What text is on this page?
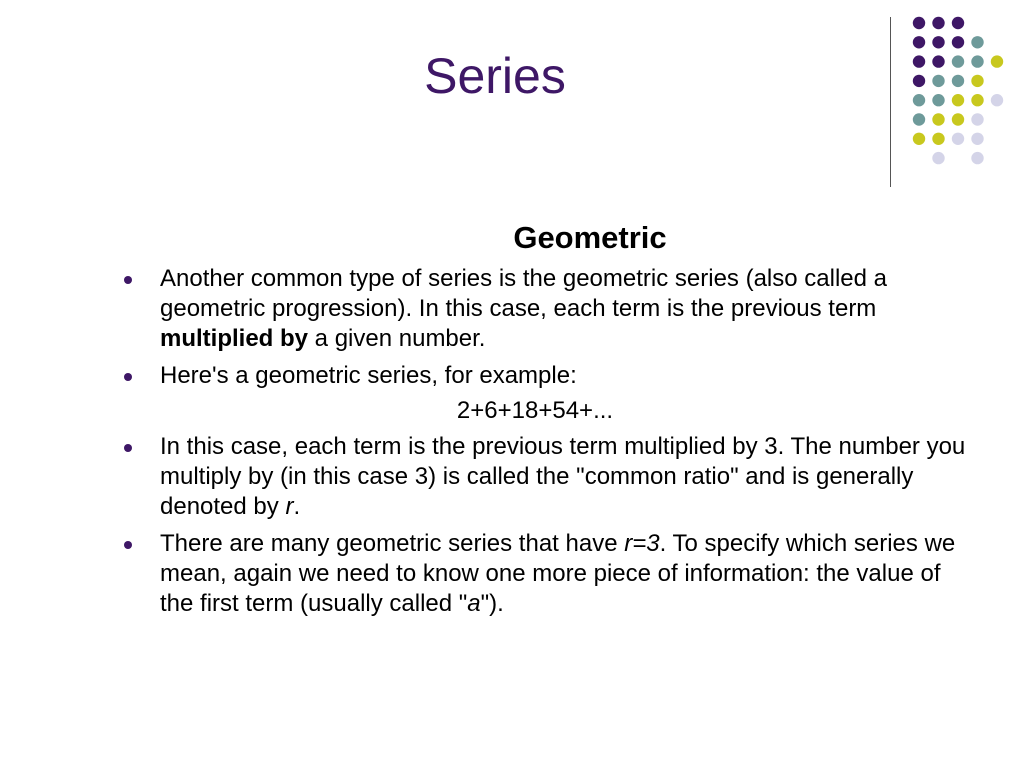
Series
Geometric
Another common type of series is the geometric series (also called a geometric progression). In this case, each term is the previous term multiplied by a given number.
Here's a geometric series, for example:
2+6+18+54+...
In this case, each term is the previous term multiplied by 3. The number you multiply by (in this case 3) is called the "common ratio" and is generally denoted by r.
There are many geometric series that have r=3. To specify which series we mean, again we need to know one more piece of information: the value of the first term (usually called "a").
